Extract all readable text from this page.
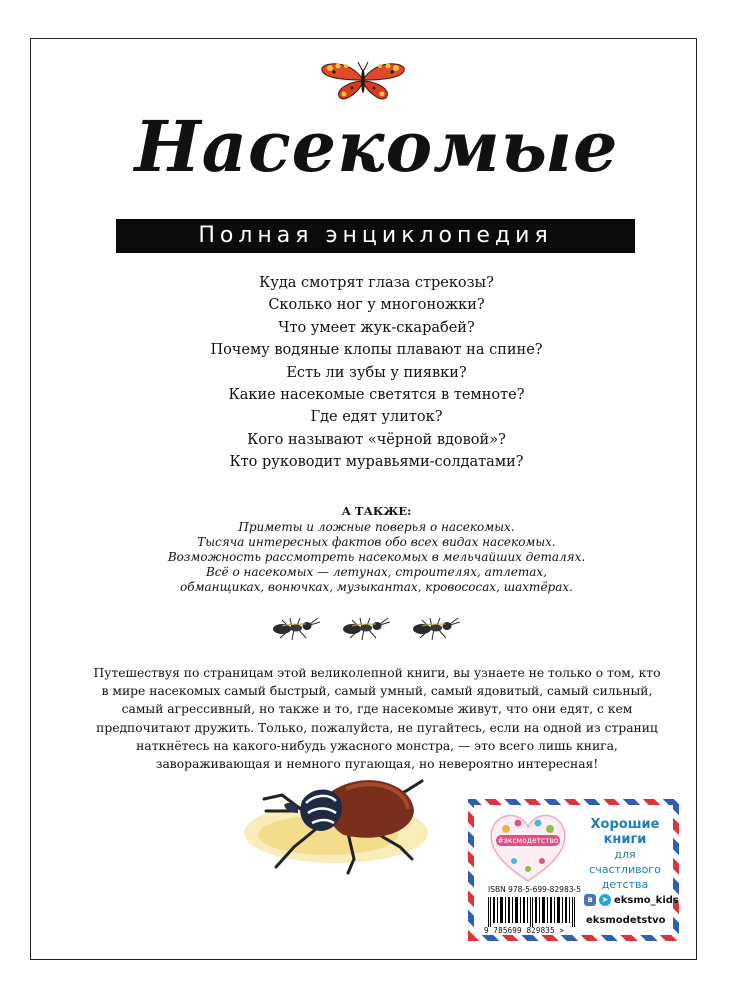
Насекомые
Полная энциклопедия
Куда смотрят глаза стрекозы?
Сколько ног у многоножки?
Что умеет жук-скарабей?
Почему водяные клопы плавают на спине?
Есть ли зубы у пиявки?
Какие насекомые светятся в темноте?
Где едят улиток?
Кого называют «чёрной вдовой»?
Кто руководит муравьями-солдатами?
А ТАКЖЕ:
Приметы и ложные поверья о насекомых.
Тысяча интересных фактов обо всех видах насекомых.
Возможность рассмотреть насекомых в мельчайших деталях.
Всё о насекомых — летунах, строителях, атлетах,
обманщиках, вонючках, музыкантах, кровососах, шахтёрах.

Путешествуя по страницам этой великолепной книги, вы узнаете не только о том, кто в мире насекомых самый быстрый, самый умный, самый ядовитый, самый сильный, самый агрессивный, но также и то, где насекомые живут, что они едят, с кем предпочитают дружить. Только, пожалуйста, не пугайтесь, если на одной из страниц наткнётесь на какого-нибудь ужасного монстра, — это всего лишь книга, завораживающая и немного пугающая, но невероятно интересная!

#эксмодетство
Хорошие
книги
для счастливого
детства
ISBN 978-5-699-82983-5
9 785699 829835 >
в	➤ eksmo_kids
eksmodetstvo
